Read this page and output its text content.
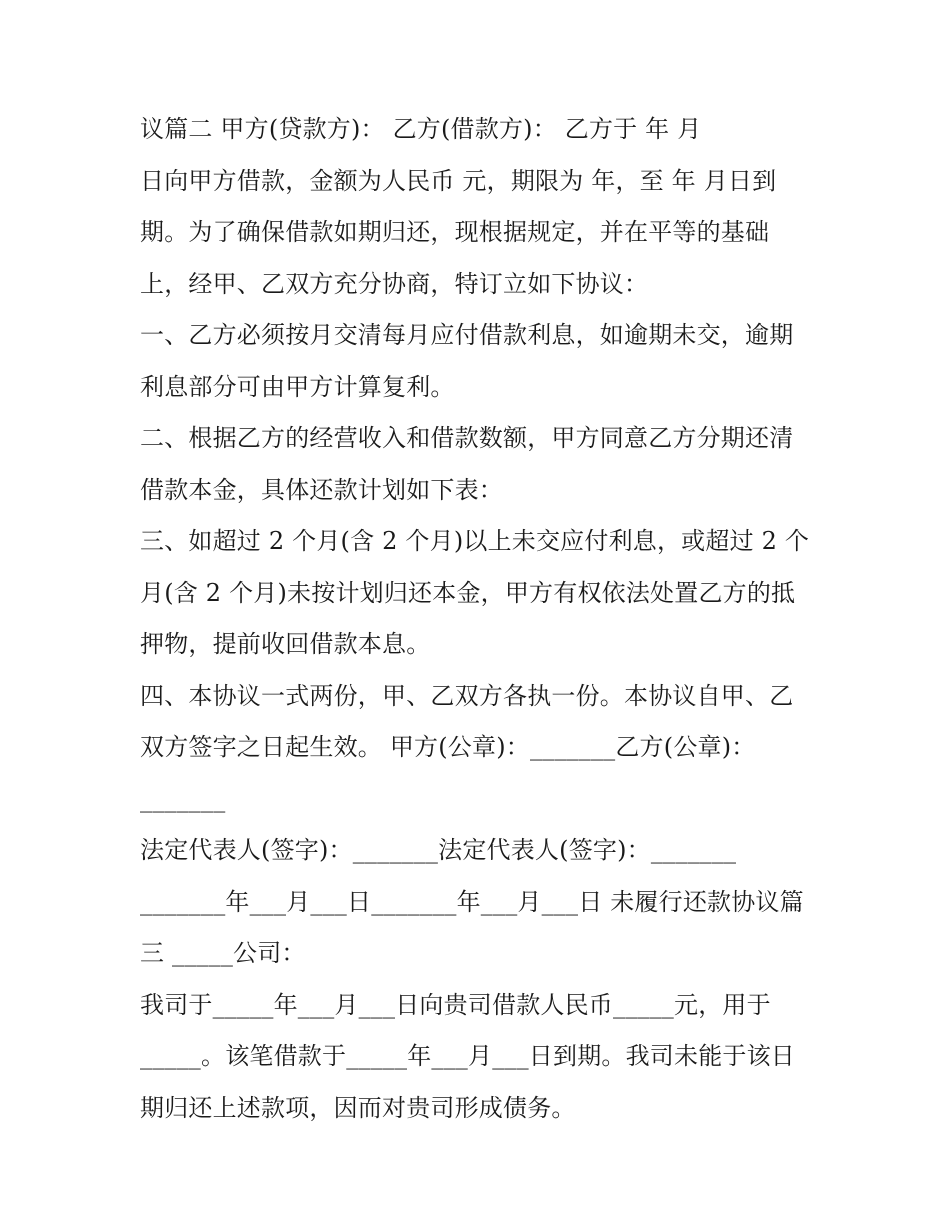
议篇二 甲方(贷款方)： 乙方(借款方)： 乙方于 年 月
日向甲方借款，金额为人民币 元，期限为 年，至 年 月日到
期。为了确保借款如期归还，现根据规定，并在平等的基础
上，经甲、乙双方充分协商，特订立如下协议：
一、乙方必须按月交清每月应付借款利息，如逾期未交，逾期
利息部分可由甲方计算复利。
二、根据乙方的经营收入和借款数额，甲方同意乙方分期还清
借款本金，具体还款计划如下表：
三、如超过 2 个月(含 2 个月)以上未交应付利息，或超过 2 个
月(含 2 个月)未按计划归还本金，甲方有权依法处置乙方的抵
押物，提前收回借款本息。
四、本协议一式两份，甲、乙双方各执一份。本协议自甲、乙
双方签字之日起生效。 甲方(公章)：_______乙方(公章)：
_______
法定代表人(签字)：_______法定代表人(签字)：_______
_______年___月___日_______年___月___日 未履行还款协议篇
三 _____公司：
我司于_____年___月___日向贵司借款人民币_____元，用于
_____。该笔借款于_____年___月___日到期。我司未能于该日
期归还上述款项，因而对贵司形成债务。
